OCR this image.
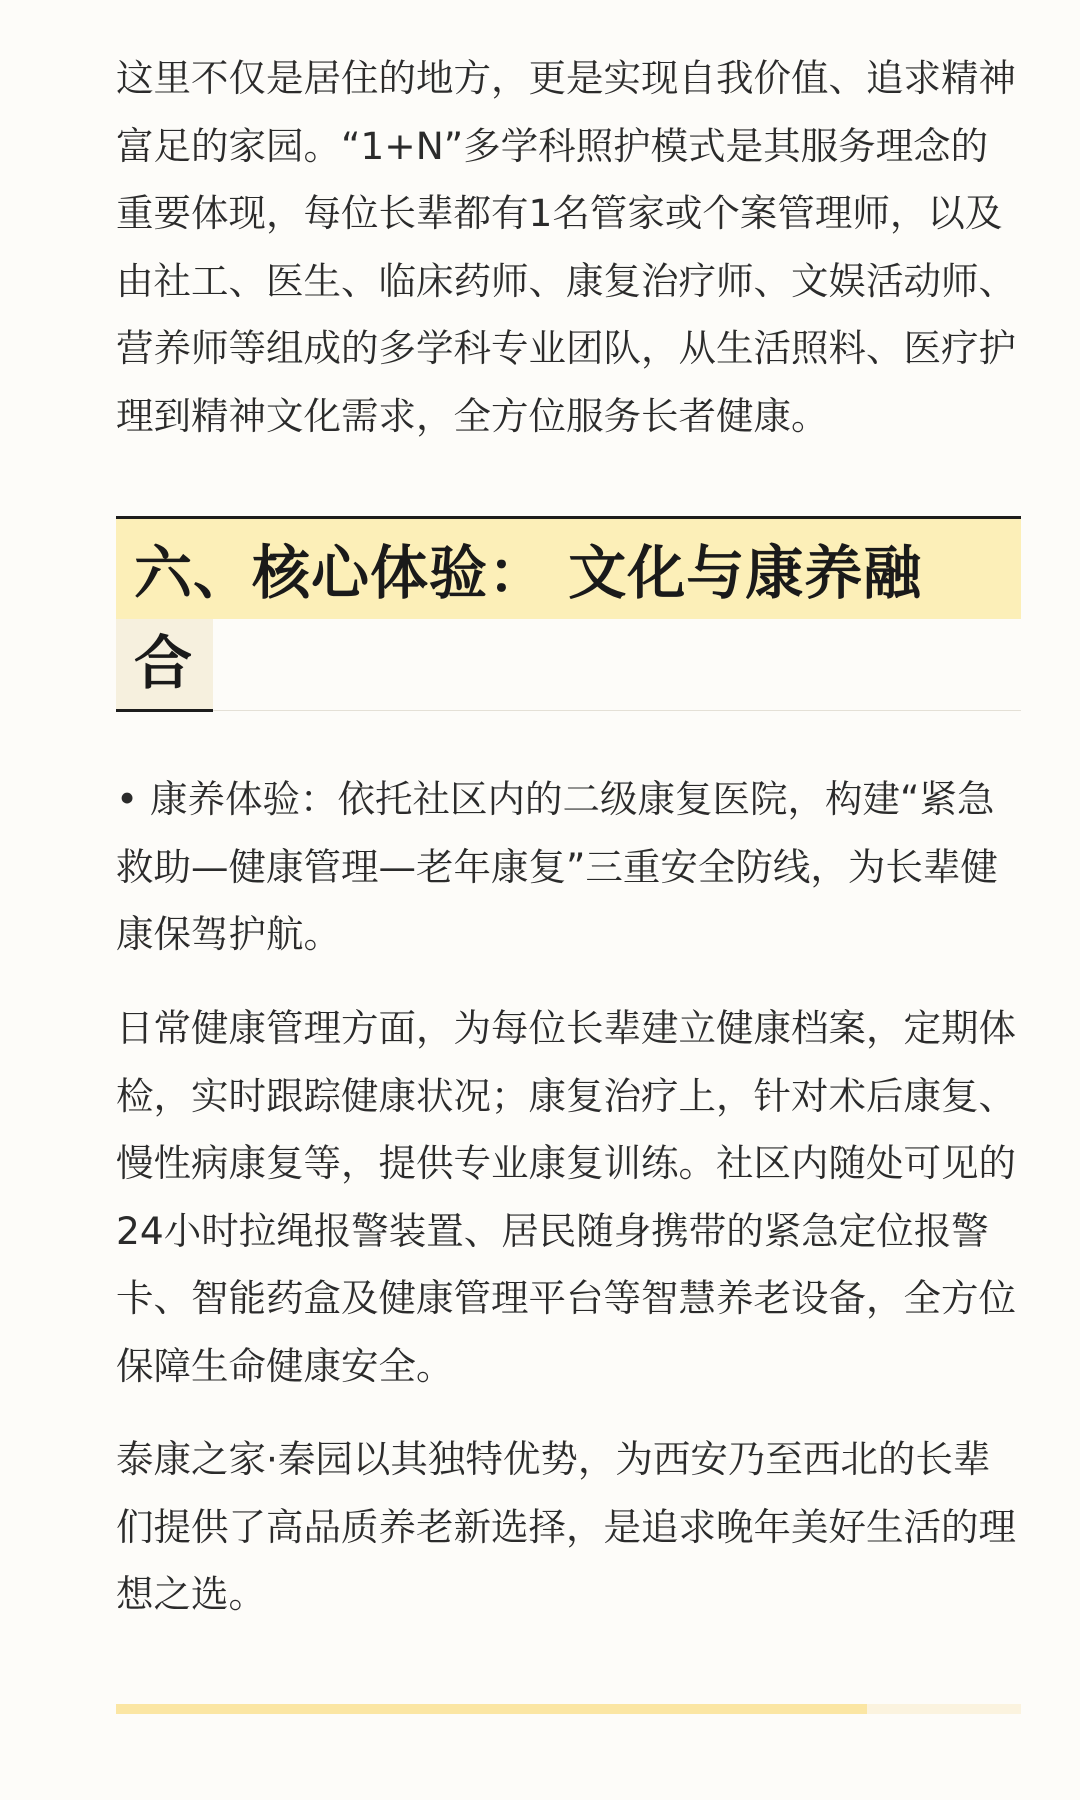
这里不仅是居住的地方，更是实现自我价值、追求精神富足的家园。“1+N”多学科照护模式是其服务理念的重要体现，每位长辈都有1名管家或个案管理师，以及由社工、医生、临床药师、康复治疗师、文娱活动师、营养师等组成的多学科专业团队，从生活照料、医疗护理到精神文化需求，全方位服务长者健康。

六、核心体验： 文化与康养融合

• 康养体验：依托社区内的二级康复医院，构建“紧急救助—健康管理—老年康复”三重安全防线，为长辈健康保驾护航。

日常健康管理方面，为每位长辈建立健康档案，定期体检，实时跟踪健康状况；康复治疗上，针对术后康复、慢性病康复等，提供专业康复训练。社区内随处可见的24小时拉绳报警装置、居民随身携带的紧急定位报警卡、智能药盒及健康管理平台等智慧养老设备，全方位保障生命健康安全。

泰康之家·秦园以其独特优势，为西安乃至西北的长辈们提供了高品质养老新选择，是追求晚年美好生活的理想之选。
